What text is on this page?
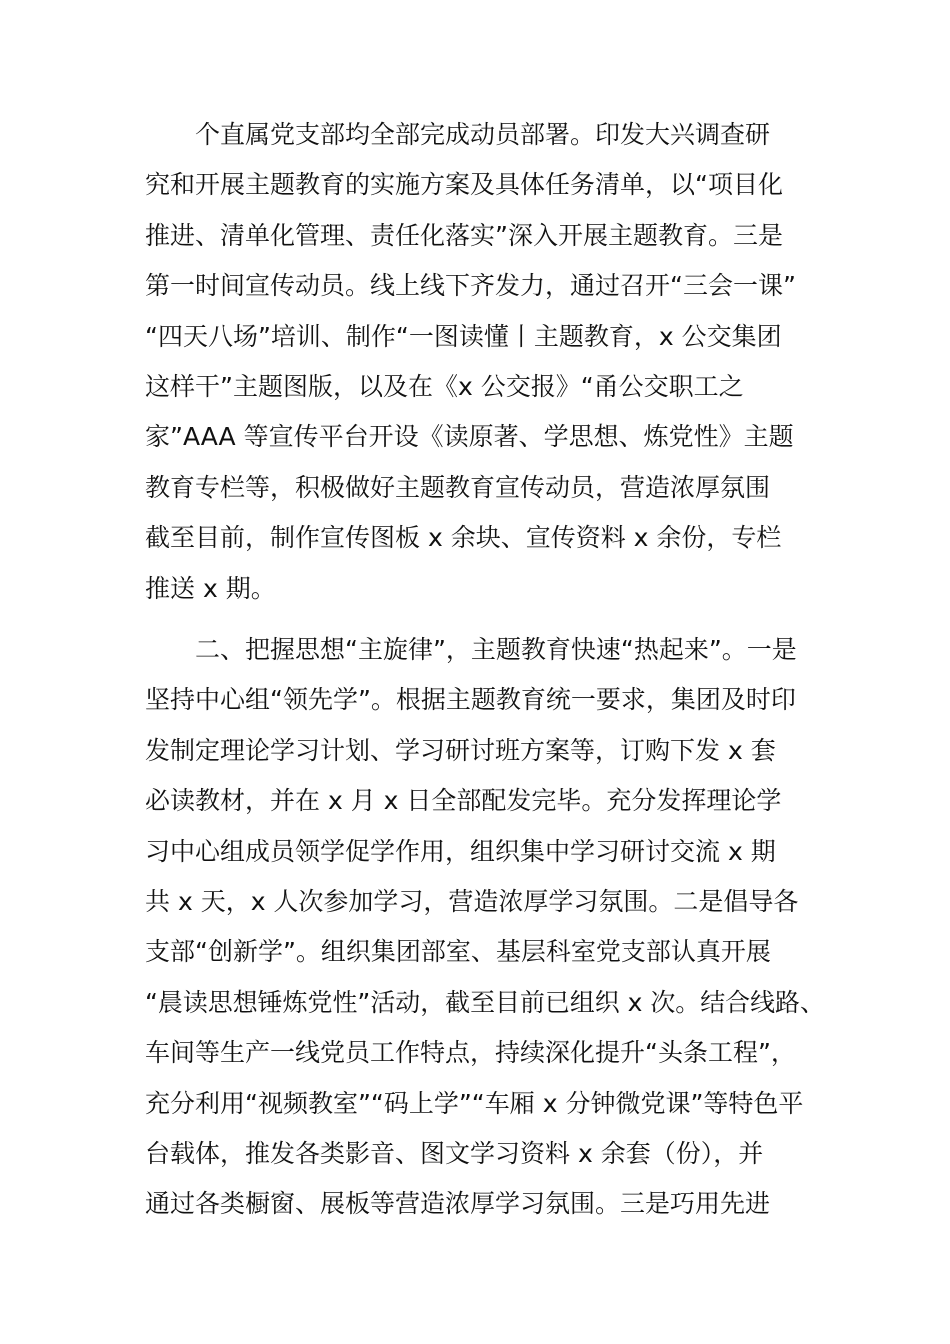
个直属党支部均全部完成动员部署。印发大兴调查研
究和开展主题教育的实施方案及具体任务清单，以“项目化
推进、清单化管理、责任化落实”深入开展主题教育。三是
第一时间宣传动员。线上线下齐发力，通过召开“三会一课”
“四天八场”培训、制作“一图读懂丨主题教育，x 公交集团
这样干”主题图版，以及在《x 公交报》“甬公交职工之
家”AAA 等宣传平台开设《读原著、学思想、炼党性》主题
教育专栏等，积极做好主题教育宣传动员，营造浓厚氛围
截至目前，制作宣传图板 x 余块、宣传资料 x 余份，专栏
推送 x 期。
二、把握思想“主旋律”，主题教育快速“热起来”。一是
坚持中心组“领先学”。根据主题教育统一要求，集团及时印
发制定理论学习计划、学习研讨班方案等，订购下发 x 套
必读教材，并在 x 月 x 日全部配发完毕。充分发挥理论学
习中心组成员领学促学作用，组织集中学习研讨交流 x 期
共 x 天，x 人次参加学习，营造浓厚学习氛围。二是倡导各
支部“创新学”。组织集团部室、基层科室党支部认真开展
“晨读思想锤炼党性”活动，截至目前已组织 x 次。结合线路、
车间等生产一线党员工作特点，持续深化提升“头条工程”，
充分利用“视频教室”“码上学”“车厢 x 分钟微党课”等特色平
台载体，推发各类影音、图文学习资料 x 余套（份），并
通过各类橱窗、展板等营造浓厚学习氛围。三是巧用先进
